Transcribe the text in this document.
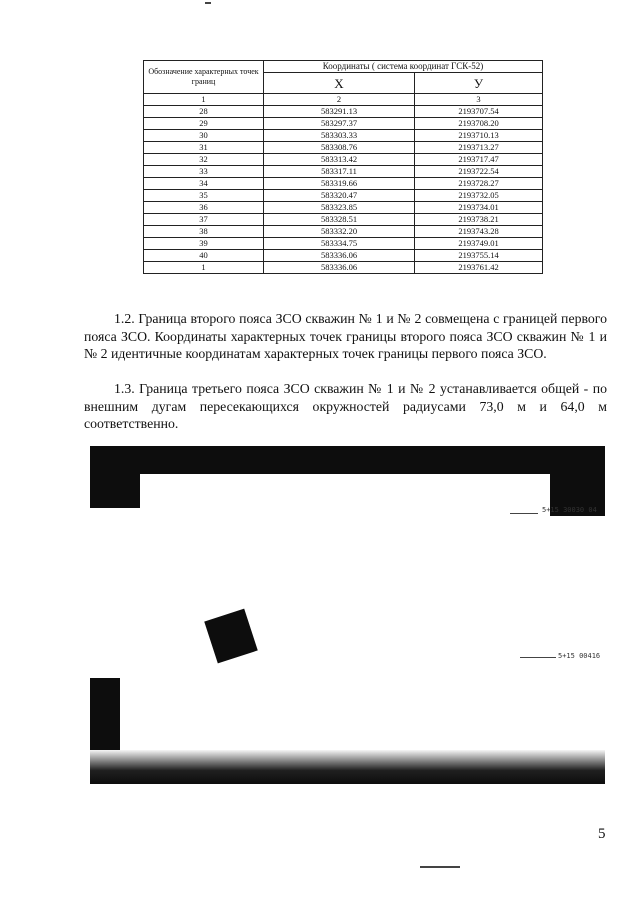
Обозначение характерных точек границ	Координаты ( система координат ГСК-52)	
	X	У
1	2	3
28	583291.13	2193707.54
29	583297.37	2193708.20
30	583303.33	2193710.13
31	583308.76	2193713.27
32	583313.42	2193717.47
33	583317.11	2193722.54
34	583319.66	2193728.27
35	583320.47	2193732.05
36	583323.85	2193734.01
37	583328.51	2193738.21
38	583332.20	2193743.28
39	583334.75	2193749.01
40	583336.06	2193755.14
1	583336.06	2193761.42
1.2. Граница второго пояса ЗСО скважин № 1 и № 2 совмещена с границей первого пояса ЗСО. Координаты характерных точек границы второго пояса ЗСО скважин № 1 и № 2 идентичные координатам характерных точек границы первого пояса ЗСО.
1.3. Граница третьего пояса ЗСО скважин № 1 и № 2 устанавливается общей - по внешним дугам пересекающихся окружностей радиусами 73,0 м и 64,0 м соответственно.
5+15 30030 04
5+15 00416
5
